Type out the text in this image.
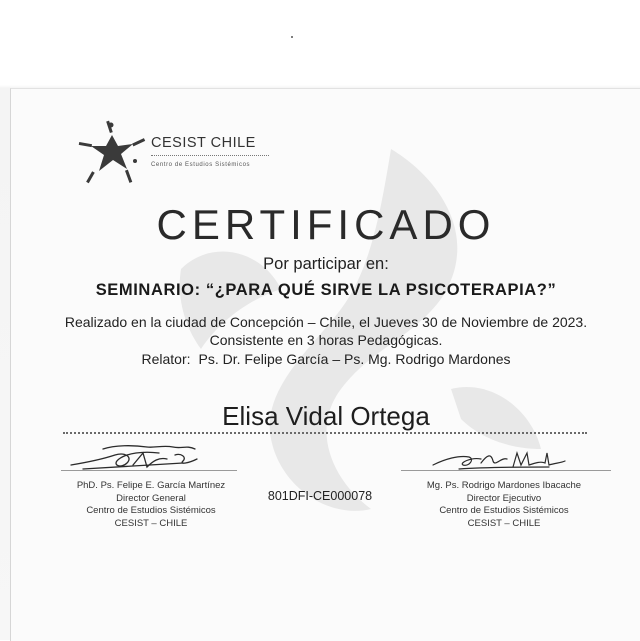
CESIST CHILE
Centro de Estudios Sistémicos
CERTIFICADO
Por participar en:
SEMINARIO: “¿PARA QUÉ SIRVE LA PSICOTERAPIA?”
Realizado en la ciudad de Concepción – Chile, el Jueves 30 de Noviembre de 2023.
Consistente en 3 horas Pedagógicas.
Relator: Ps. Dr. Felipe García – Ps. Mg. Rodrigo Mardones
Elisa Vidal Ortega
PhD. Ps. Felipe E. García Martínez
Director General
Centro de Estudios Sistémicos
CESIST – CHILE
801DFI-CE000078
Mg. Ps. Rodrigo Mardones Ibacache
Director Ejecutivo
Centro de Estudios Sistémicos
CESIST – CHILE
